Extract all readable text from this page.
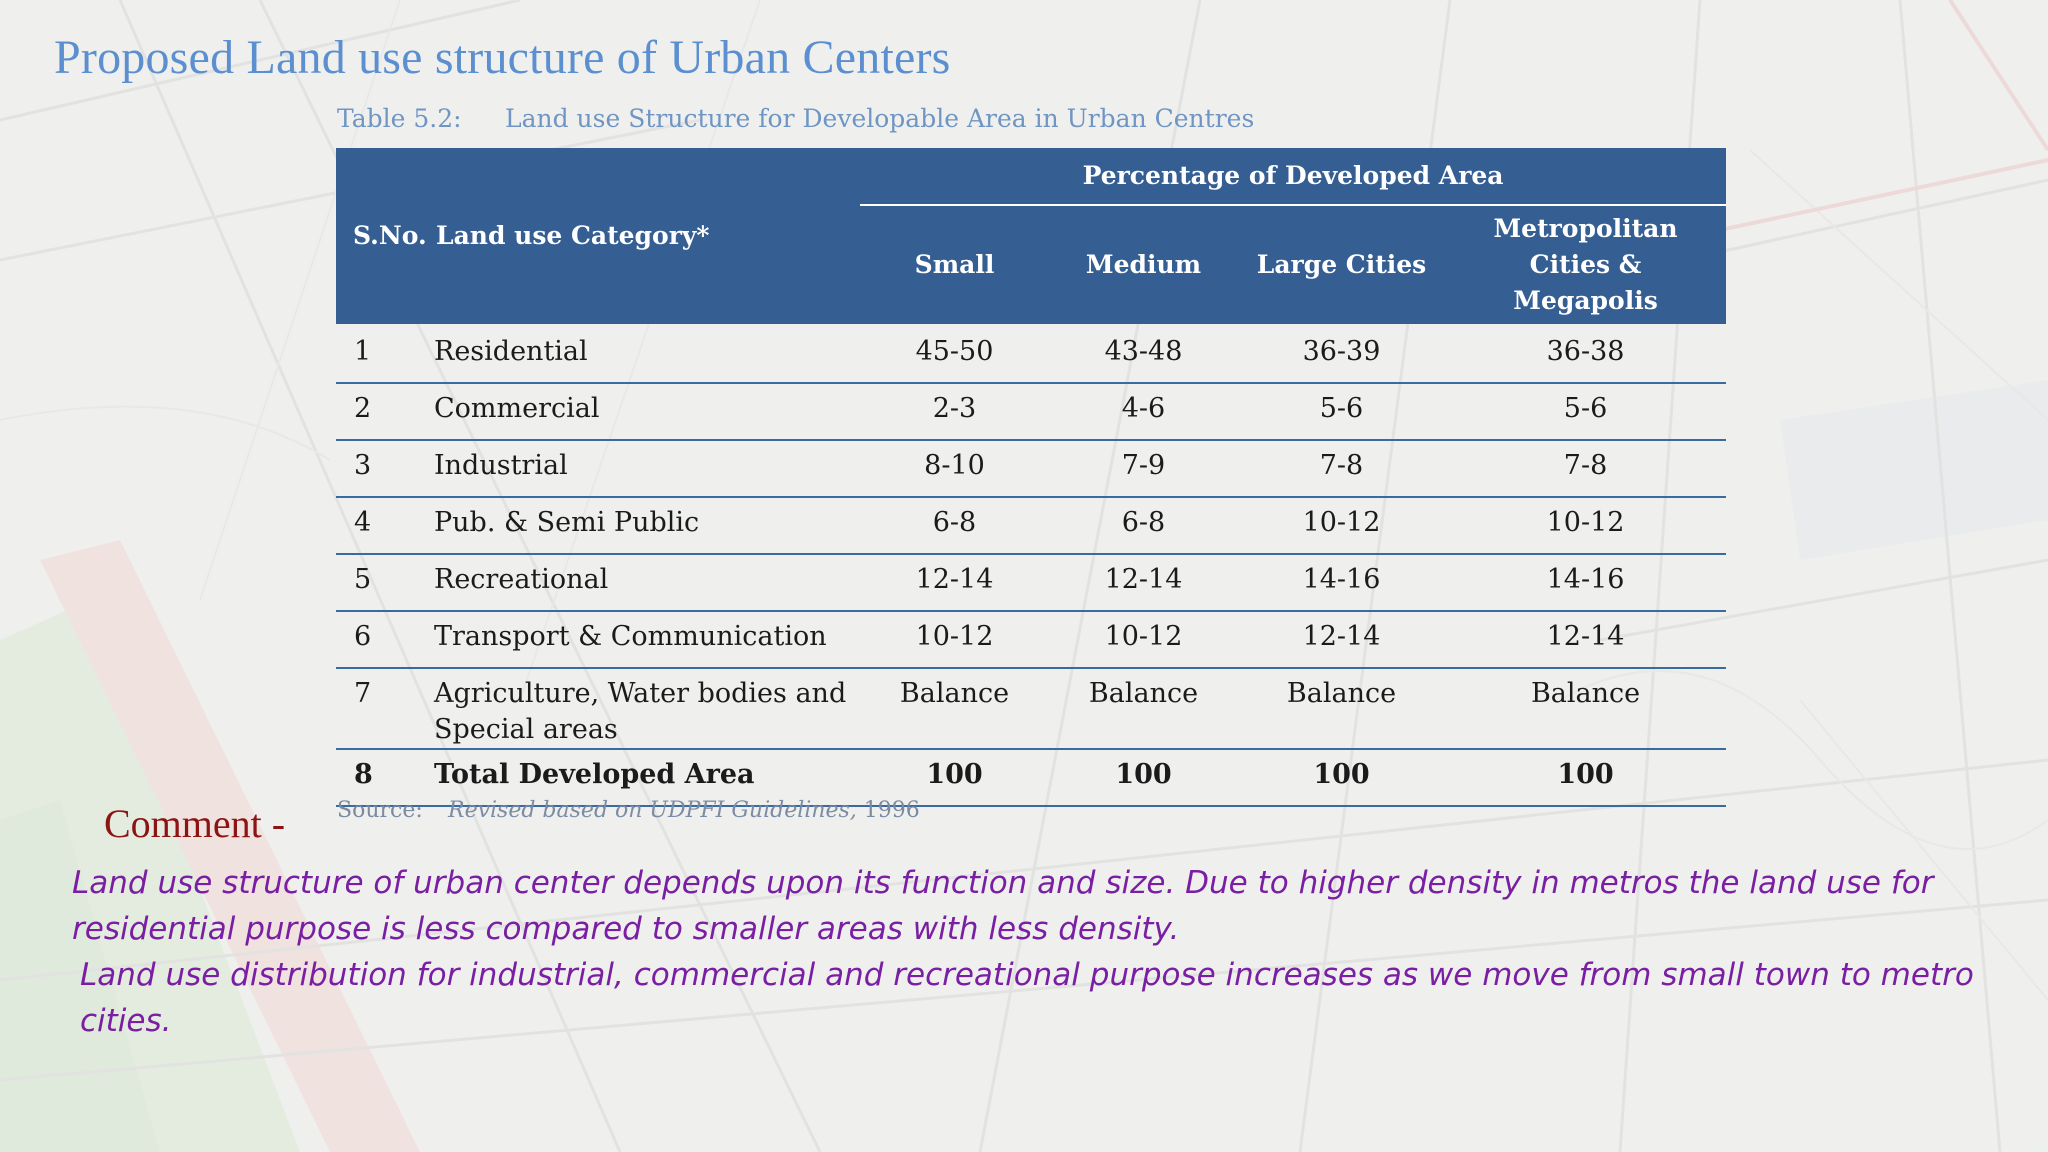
Proposed Land use structure of Urban Centers
Table 5.2: Land use Structure for Developable Area in Urban Centres
S.No.	Land use Category*	Percentage of Developed Area			
		Small	Medium	Large Cities	Metropolitan Cities & Megapolis
1	Residential	45-50	43-48	36-39	36-38
2	Commercial	2-3	4-6	5-6	5-6
3	Industrial	8-10	7-9	7-8	7-8
4	Pub. & Semi Public	6-8	6-8	10-12	10-12
5	Recreational	12-14	12-14	14-16	14-16
6	Transport & Communication	10-12	10-12	12-14	12-14
7	Agriculture, Water bodies and Special areas	Balance	Balance	Balance	Balance
8	Total Developed Area	100	100	100	100
Source: Revised based on UDPFI Guidelines, 1996
Comment -

Land use structure of urban center depends upon its function and size. Due to higher density in metros the land use for residential purpose is less compared to smaller areas with less density.

Land use distribution for industrial, commercial and recreational purpose increases as we move from small town to metro cities.
